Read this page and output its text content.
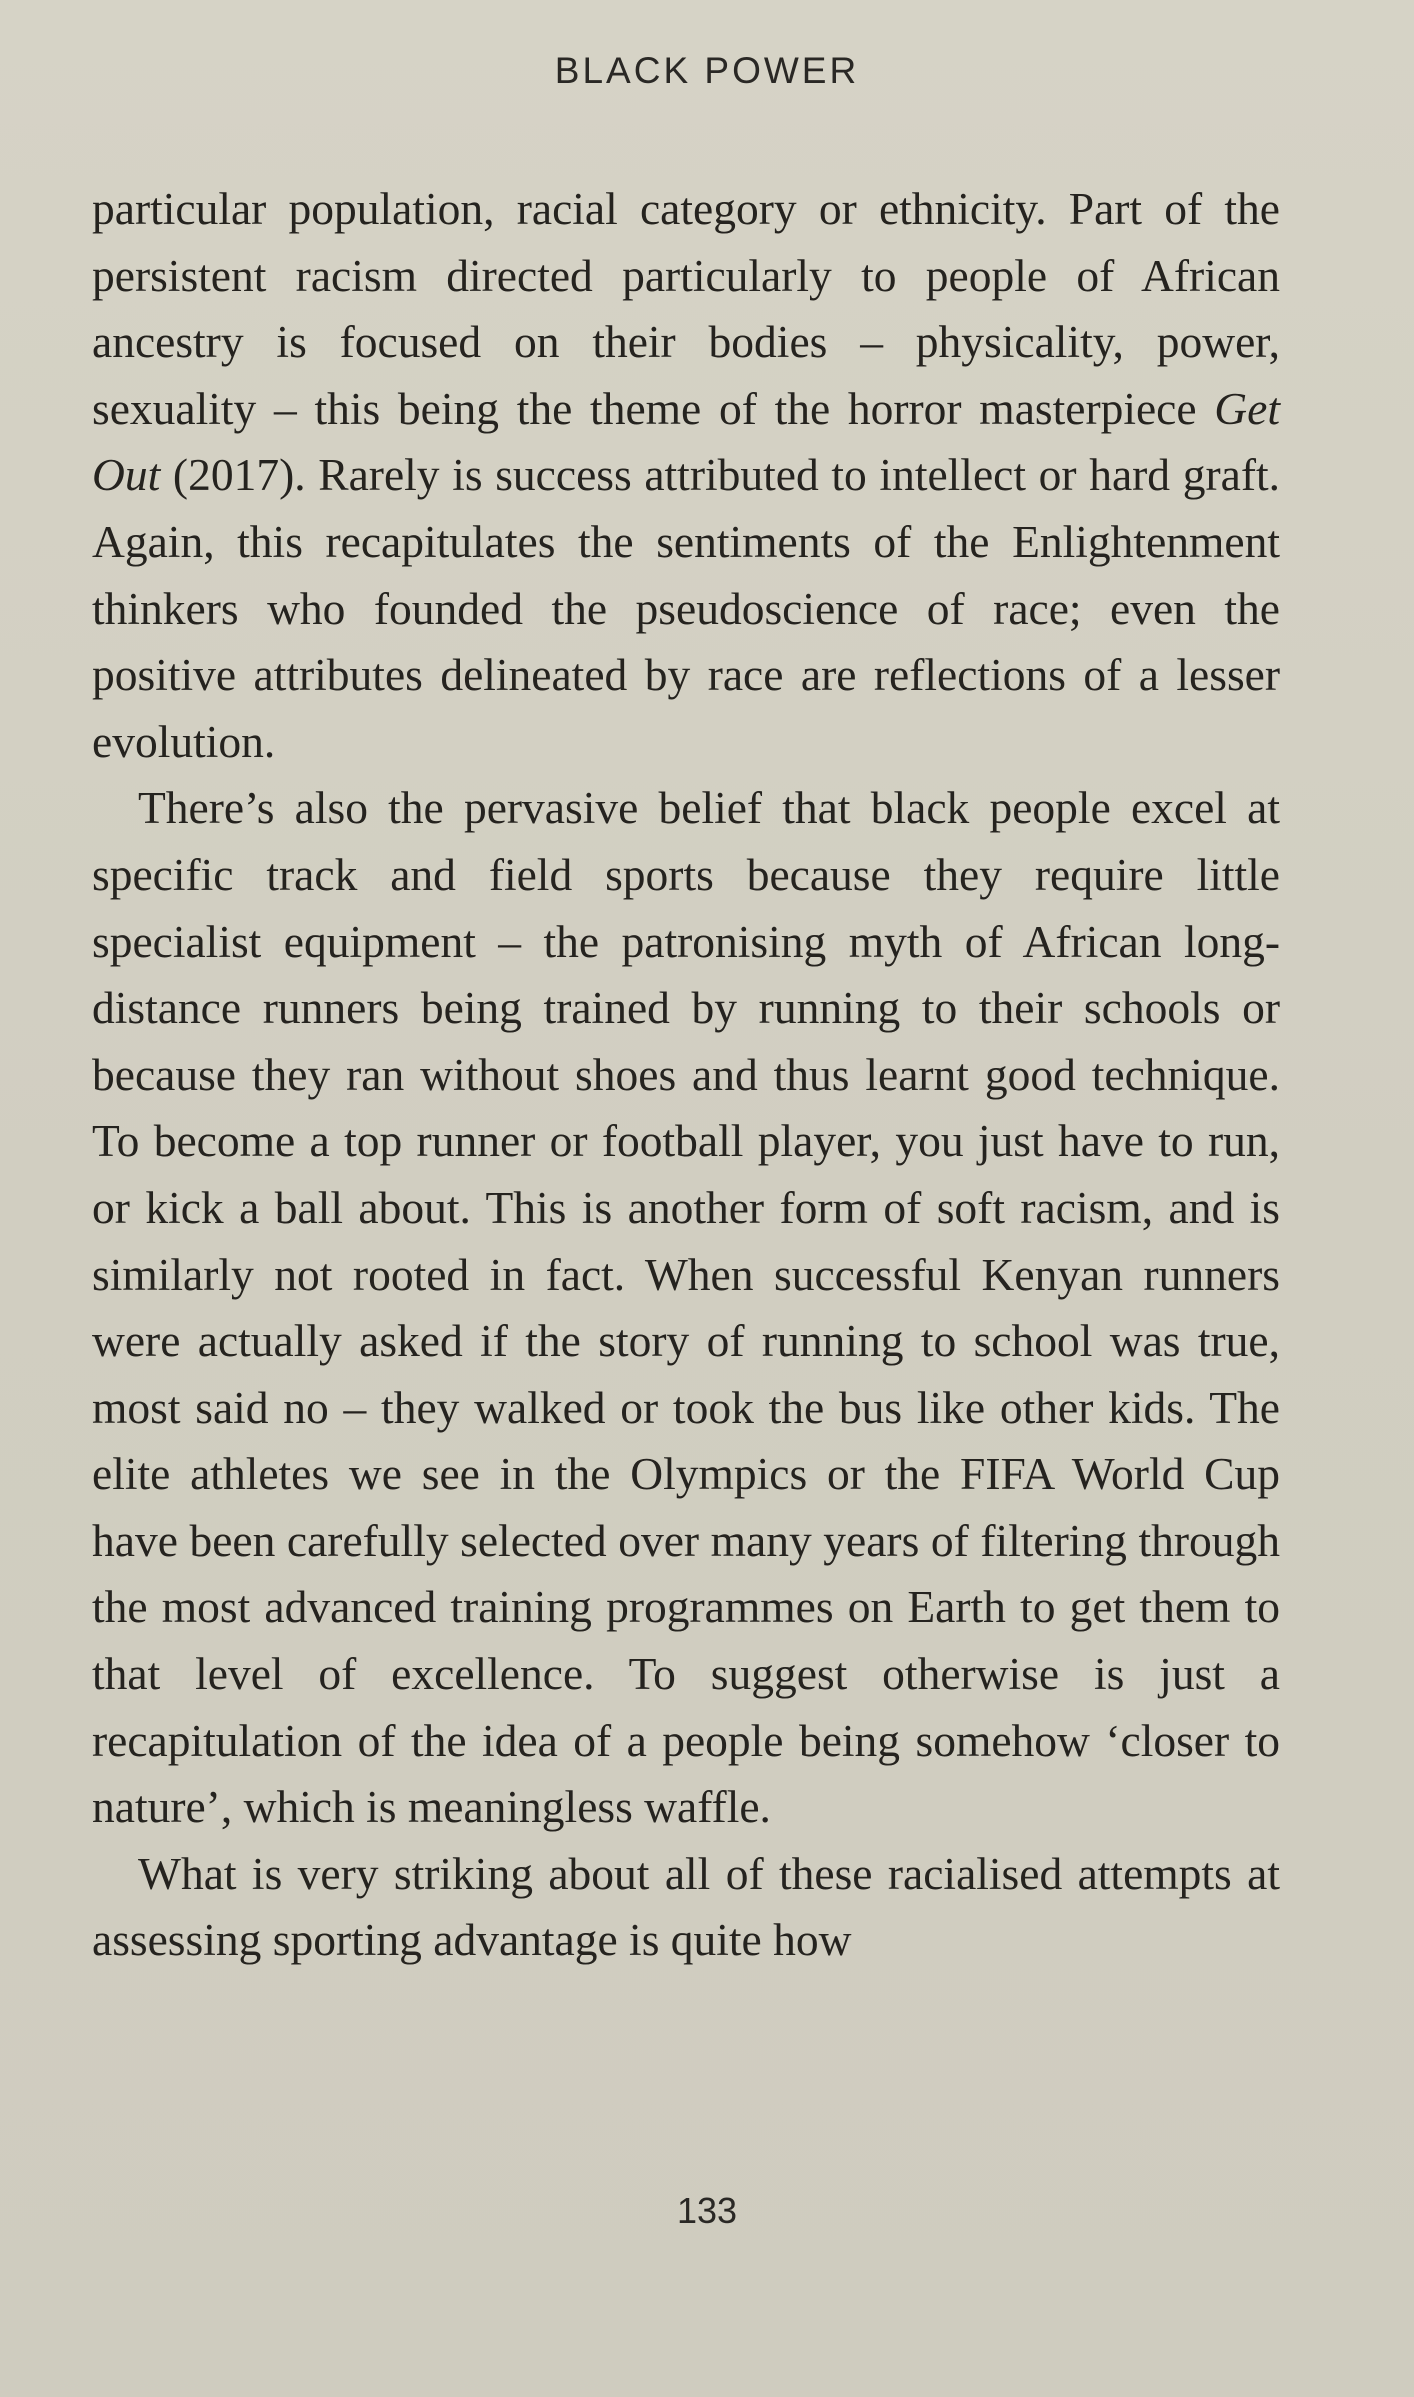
BLACK POWER

particular population, racial category or ethnicity. Part of the persistent racism directed particularly to people of African ancestry is focused on their bodies – physicality, power, sexuality – this being the theme of the horror masterpiece Get Out (2017). Rarely is success attributed to intellect or hard graft. Again, this recapitulates the sentiments of the Enlightenment thinkers who founded the pseudoscience of race; even the positive attributes delineated by race are reflections of a lesser evolution.

There’s also the pervasive belief that black people excel at specific track and field sports because they require little specialist equipment – the patronising myth of African long-distance runners being trained by running to their schools or because they ran without shoes and thus learnt good technique. To become a top runner or football player, you just have to run, or kick a ball about. This is another form of soft racism, and is similarly not rooted in fact. When successful Kenyan runners were actually asked if the story of running to school was true, most said no – they walked or took the bus like other kids. The elite athletes we see in the Olympics or the FIFA World Cup have been carefully selected over many years of filtering through the most advanced training programmes on Earth to get them to that level of excellence. To suggest otherwise is just a recapitulation of the idea of a people being somehow ‘closer to nature’, which is meaningless waffle.

What is very striking about all of these racialised attempts at assessing sporting advantage is quite how

133
